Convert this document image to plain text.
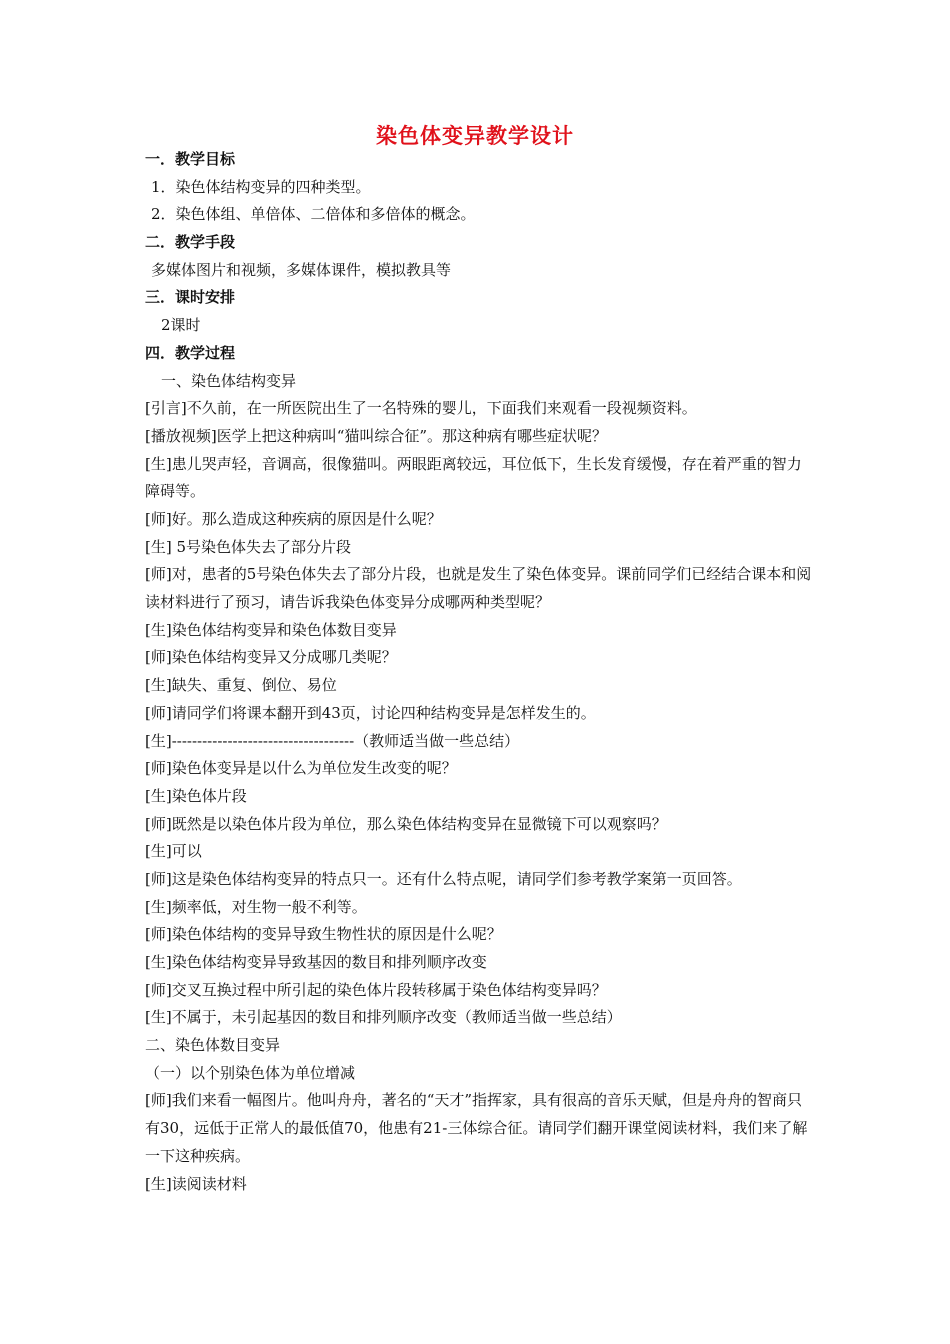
染色体变异教学设计
一．教学目标
1．染色体结构变异的四种类型。
2．染色体组、单倍体、二倍体和多倍体的概念。
二．教学手段
多媒体图片和视频，多媒体课件，模拟教具等
三．课时安排
2课时
四．教学过程
一、染色体结构变异
[引言]不久前，在一所医院出生了一名特殊的婴儿，下面我们来观看一段视频资料。
[播放视频]医学上把这种病叫“猫叫综合征”。那这种病有哪些症状呢？
[生]患儿哭声轻，音调高，很像猫叫。两眼距离较远，耳位低下，生长发育缓慢，存在着严重的智力障碍等。
[师]好。那么造成这种疾病的原因是什么呢？
[生] 5号染色体失去了部分片段
[师]对，患者的5号染色体失去了部分片段，也就是发生了染色体变异。课前同学们已经结合课本和阅读材料进行了预习，请告诉我染色体变异分成哪两种类型呢？
[生]染色体结构变异和染色体数目变异
[师]染色体结构变异又分成哪几类呢？
[生]缺失、重复、倒位、易位
[师]请同学们将课本翻开到43页，讨论四种结构变异是怎样发生的。
[生]------------------------------------（教师适当做一些总结）
[师]染色体变异是以什么为单位发生改变的呢？
[生]染色体片段
[师]既然是以染色体片段为单位，那么染色体结构变异在显微镜下可以观察吗？
[生]可以
[师]这是染色体结构变异的特点只一。还有什么特点呢，请同学们参考教学案第一页回答。
[生]频率低，对生物一般不利等。
[师]染色体结构的变异导致生物性状的原因是什么呢？
[生]染色体结构变异导致基因的数目和排列顺序改变
[师]交叉互换过程中所引起的染色体片段转移属于染色体结构变异吗？
[生]不属于，未引起基因的数目和排列顺序改变（教师适当做一些总结）
二、染色体数目变异
（一）以个别染色体为单位增减
[师]我们来看一幅图片。他叫舟舟，著名的“天才”指挥家，具有很高的音乐天赋，但是舟舟的智商只有30，远低于正常人的最低值70，他患有21-三体综合征。请同学们翻开课堂阅读材料，我们来了解一下这种疾病。
[生]读阅读材料
